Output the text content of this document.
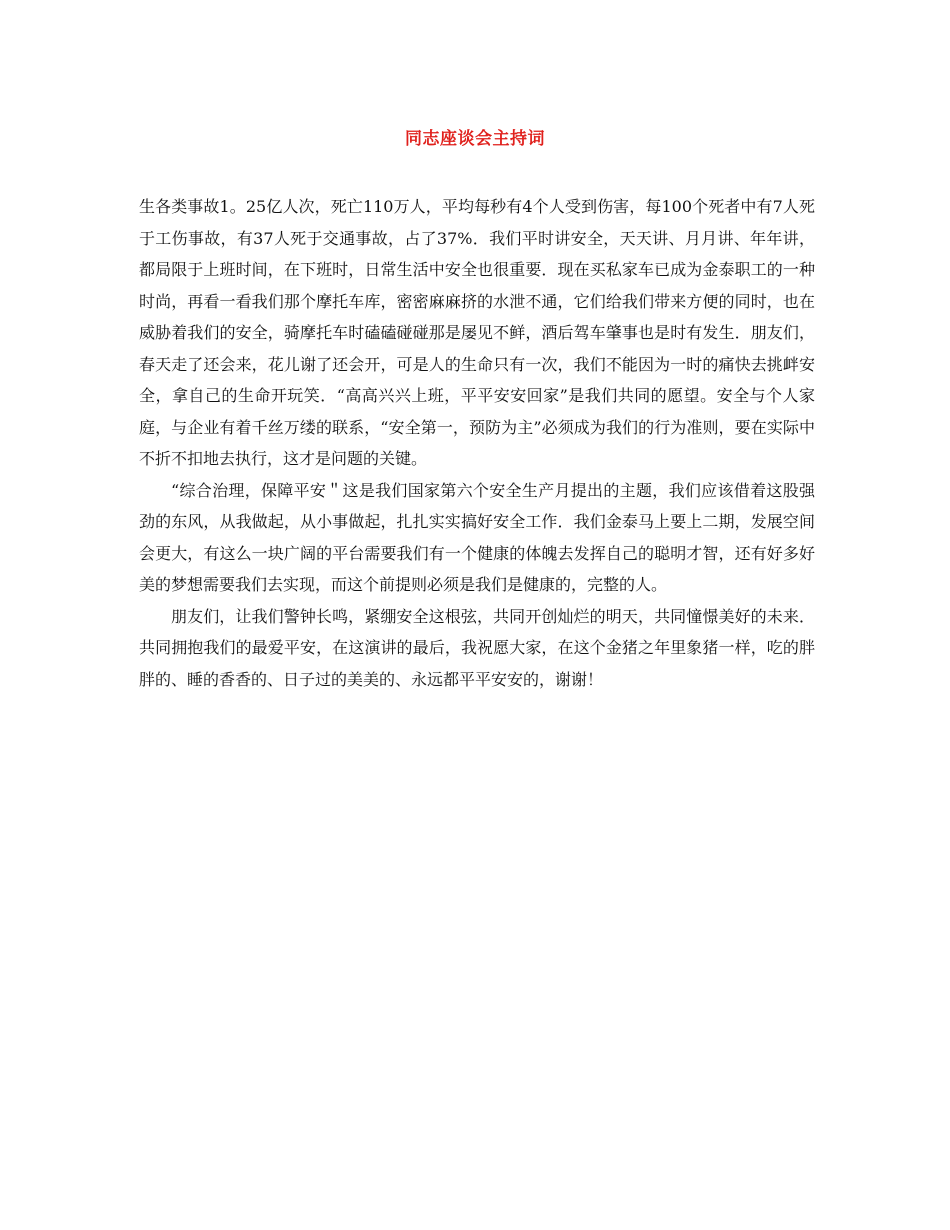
同志座谈会主持词

生各类事故1。25亿人次，死亡110万人，平均每秒有4个人受到伤害，每100个死者中有7人死于工伤事故，有37人死于交通事故，占了37%．我们平时讲安全，天天讲、月月讲、年年讲，都局限于上班时间，在下班时，日常生活中安全也很重要．现在买私家车已成为金泰职工的一种时尚，再看一看我们那个摩托车库，密密麻麻挤的水泄不通，它们给我们带来方便的同时，也在威胁着我们的安全，骑摩托车时磕磕碰碰那是屡见不鲜，酒后驾车肇事也是时有发生．朋友们，春天走了还会来，花儿谢了还会开，可是人的生命只有一次，我们不能因为一时的痛快去挑衅安全，拿自己的生命开玩笑．“高高兴兴上班，平平安安回家”是我们共同的愿望。安全与个人家庭，与企业有着千丝万缕的联系，“安全第一，预防为主”必须成为我们的行为准则，要在实际中不折不扣地去执行，这才是问题的关键。

“综合治理，保障平安＂这是我们国家第六个安全生产月提出的主题，我们应该借着这股强劲的东风，从我做起，从小事做起，扎扎实实搞好安全工作．我们金泰马上要上二期，发展空间会更大，有这么一块广阔的平台需要我们有一个健康的体魄去发挥自己的聪明才智，还有好多好美的梦想需要我们去实现，而这个前提则必须是我们是健康的，完整的人。

朋友们，让我们警钟长鸣，紧绷安全这根弦，共同开创灿烂的明天，共同憧憬美好的未来．共同拥抱我们的最爱平安，在这演讲的最后，我祝愿大家，在这个金猪之年里象猪一样，吃的胖胖的、睡的香香的、日子过的美美的、永远都平平安安的，谢谢！
